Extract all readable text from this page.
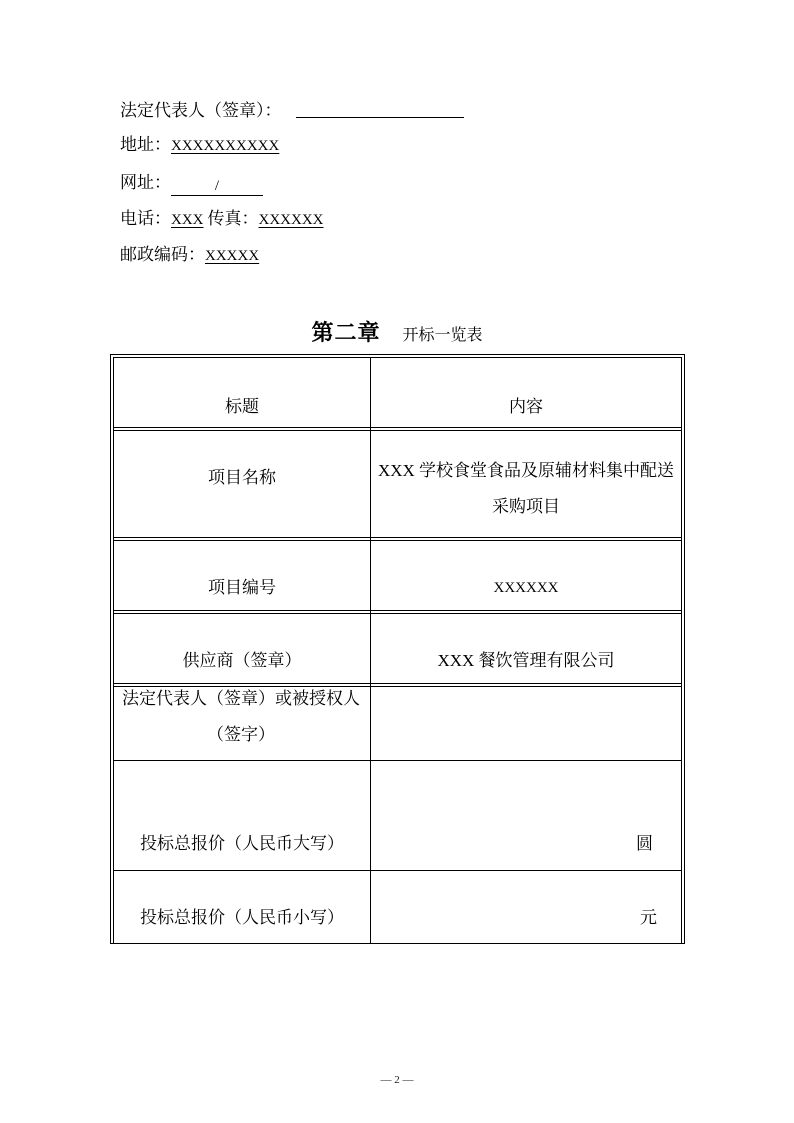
法定代表人（签章）：
地址：XXXXXXXXXX
网址：	/
电话：XXX 传真：XXXXXX
邮政编码：XXXXX
第二章 开标一览表
标题	内容
项目名称	XXX 学校食堂食品及原辅材料集中配送
采购项目
项目编号	XXXXXX
供应商（签章）	XXX 餐饮管理有限公司
法定代表人（签章）或被授权人
（签字）
投标总报价（人民币大写）	圆
投标总报价（人民币小写）	元
— 2 —
